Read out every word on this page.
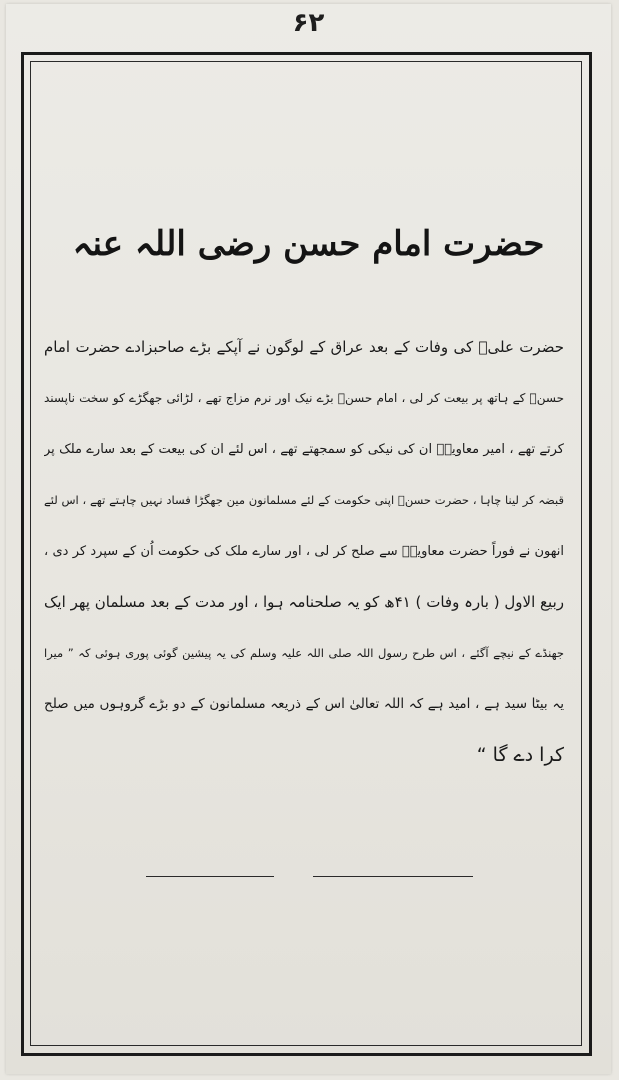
۶۲
حضرت امام حسن رضی اللہ عنہ
حضرت علیؓ کی وفات کے بعد عراق کے لوگون نے آپکے بڑے صاحبزادے حضرت امام
حسنؓ کے ہاتھ پر بیعت کر لی ، امام حسنؓ بڑے نیک اور نرم مزاج تھے ، لڑائی جھگڑے کو سخت ناپسند
کرتے تھے ، امیر معاویہؓ ان کی نیکی کو سمجھتے تھے ، اس لئے ان کی بیعت کے بعد سارے ملک پر
قبضہ کر لینا چاہا ، حضرت حسنؓ اپنی حکومت کے لئے مسلمانون مین جھگڑا فساد نہیں چاہتے تھے ، اس لئے
انھون نے فوراً حضرت معاویہؓ سے صلح کر لی ، اور سارے ملک کی حکومت اُن کے سپرد کر دی ،
ربیع الاول ( بارہ وفات ) ۴۱ھ کو یہ صلحنامہ ہوا ، اور مدت کے بعد مسلمان پھر ایک
جھنڈے کے نیچے آگئے ، اس طرح رسول اللہ صلی اللہ علیہ وسلم کی یہ پیشین گوئی پوری ہوئی کہ ” میرا
یہ بیٹا سید ہے ، امید ہے کہ اللہ تعالیٰ اس کے ذریعہ مسلمانون کے دو بڑے گروہوں میں صلح
کرا دے گا “
